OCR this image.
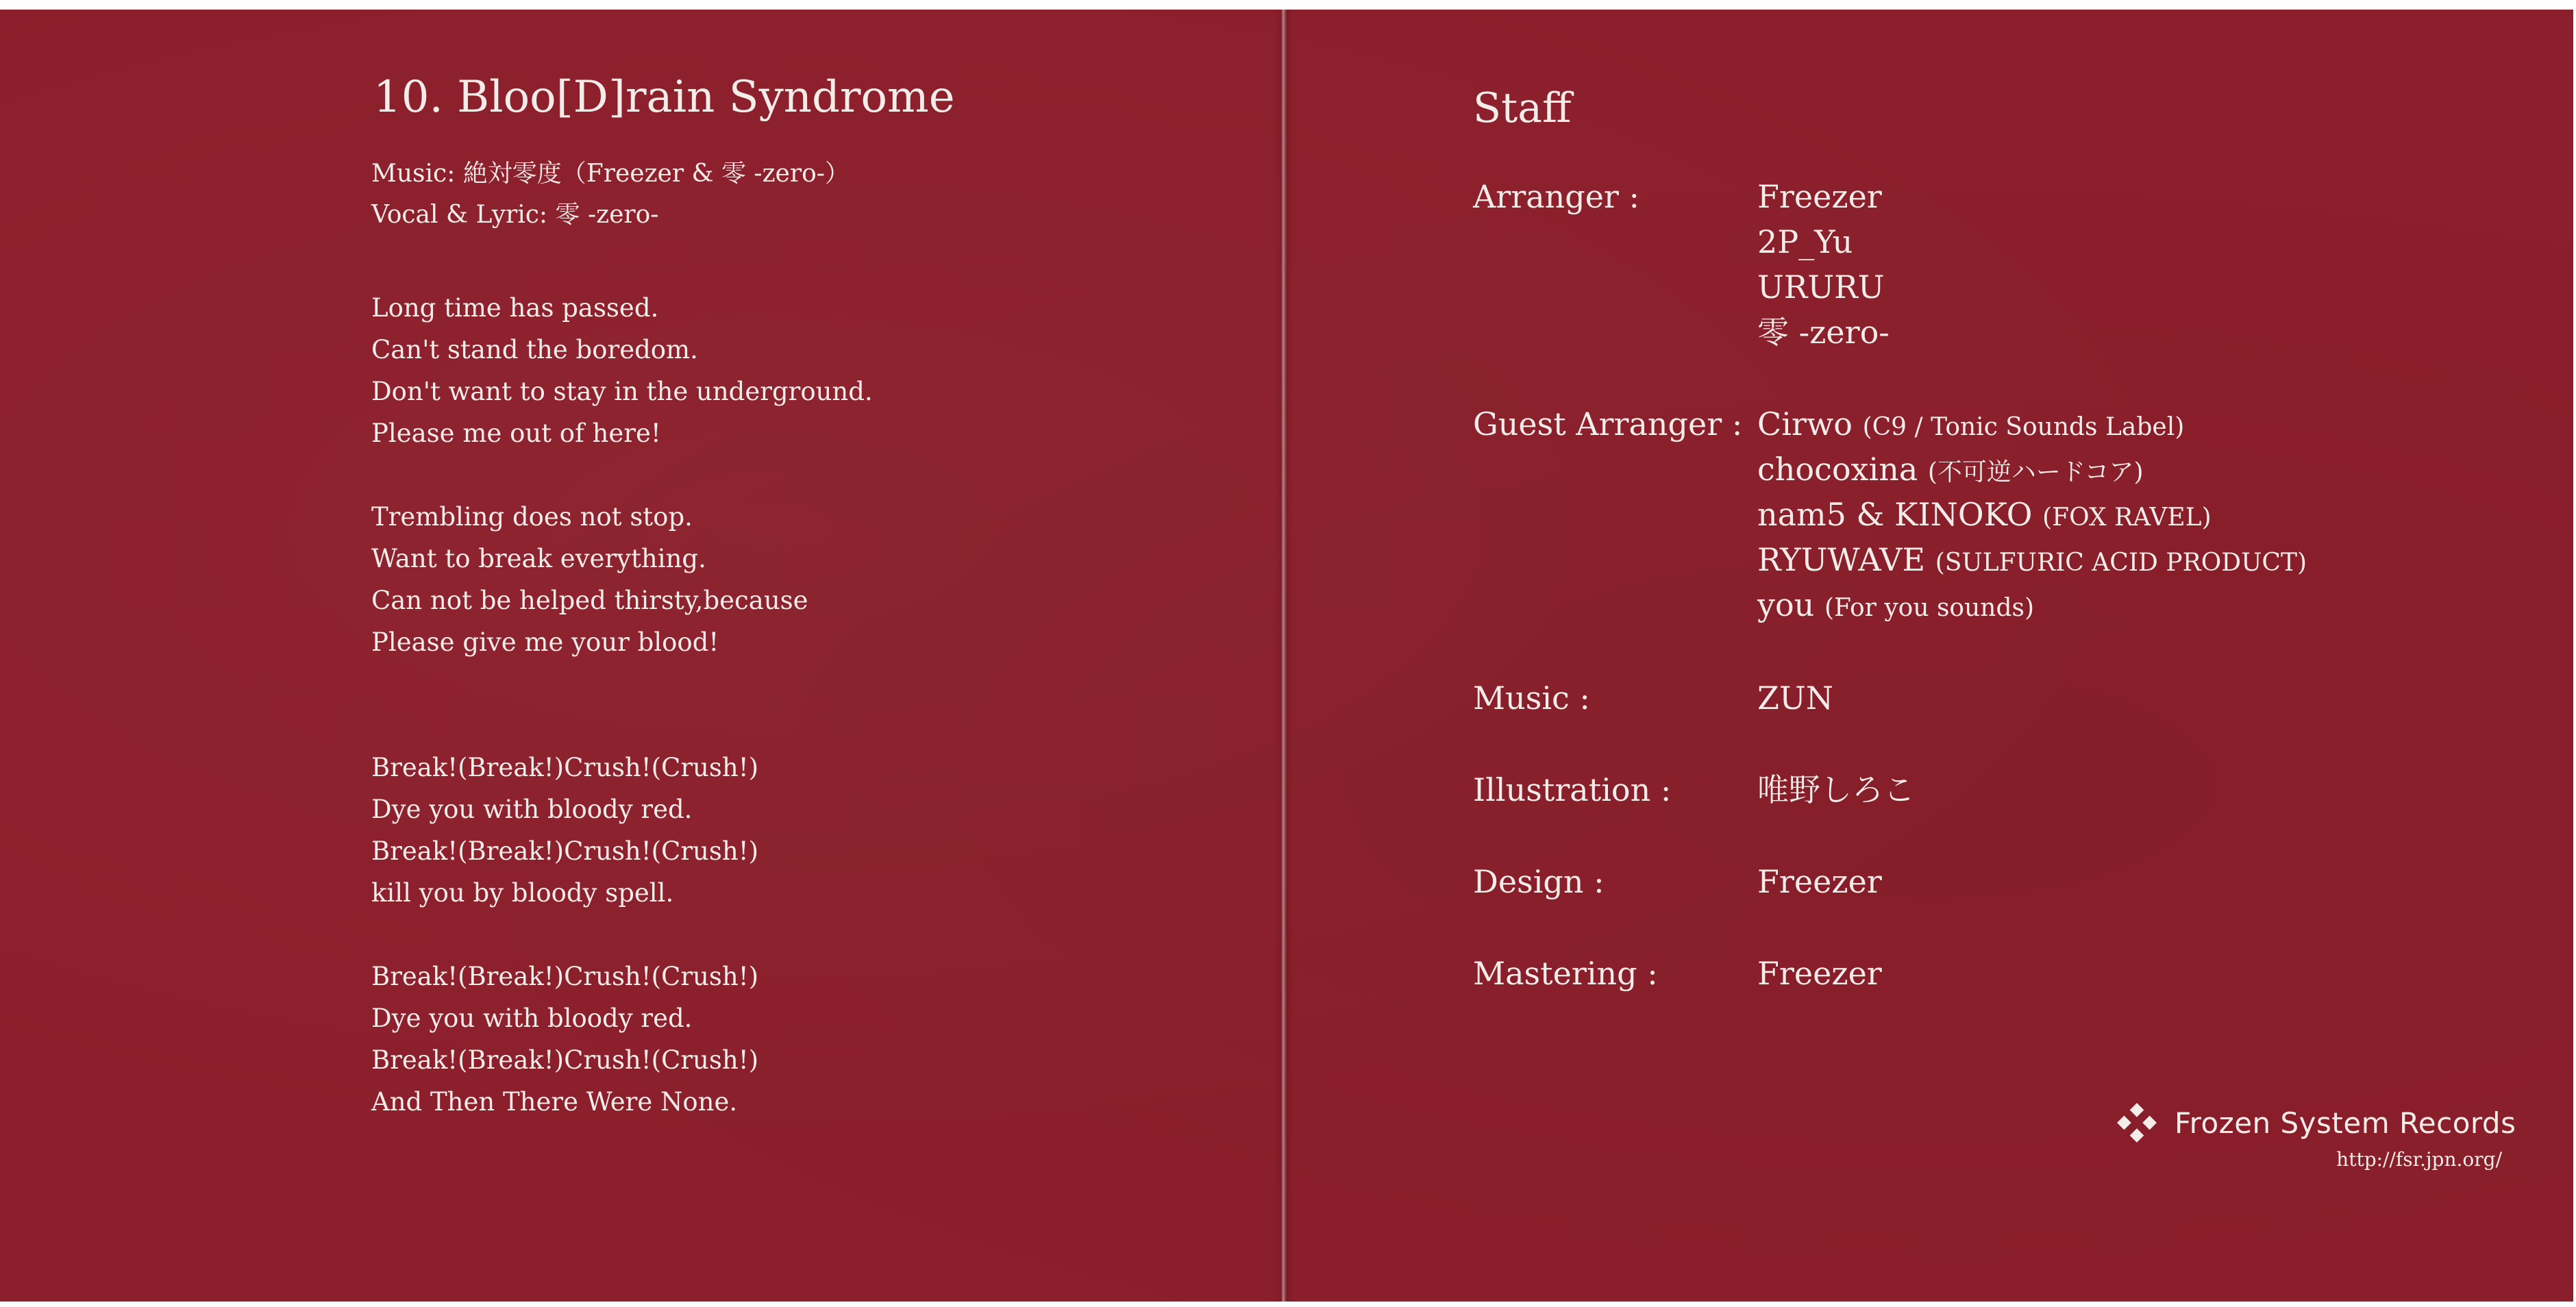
10. Bloo[D]rain Syndrome
Music: 絶対零度（Freezer & 零 -zero-）
Vocal & Lyric: 零 -zero-
Long time has passed.
Can't stand the boredom.
Don't want to stay in the underground.
Please me out of here!
Trembling does not stop.
Want to break everything.
Can not be helped thirsty,because
Please give me your blood!
Break!(Break!)Crush!(Crush!)
Dye you with bloody red.
Break!(Break!)Crush!(Crush!)
kill you by bloody spell.
Break!(Break!)Crush!(Crush!)
Dye you with bloody red.
Break!(Break!)Crush!(Crush!)
And Then There Were None.
Staff
Arranger :	Freezer
2P_Yu
URURU
零 -zero-
Guest Arranger : Cirwo (C9 / Tonic Sounds Label)
chocoxina (不可逆ハードコア)
nam5 & KINOKO (FOX RAVEL)
RYUWAVE (SULFURIC ACID PRODUCT)
you (For you sounds)
Music :	ZUN
Illustration :	唯野しろこ
Design :	Freezer
Mastering :	Freezer
Frozen System Records
http://fsr.jpn.org/
